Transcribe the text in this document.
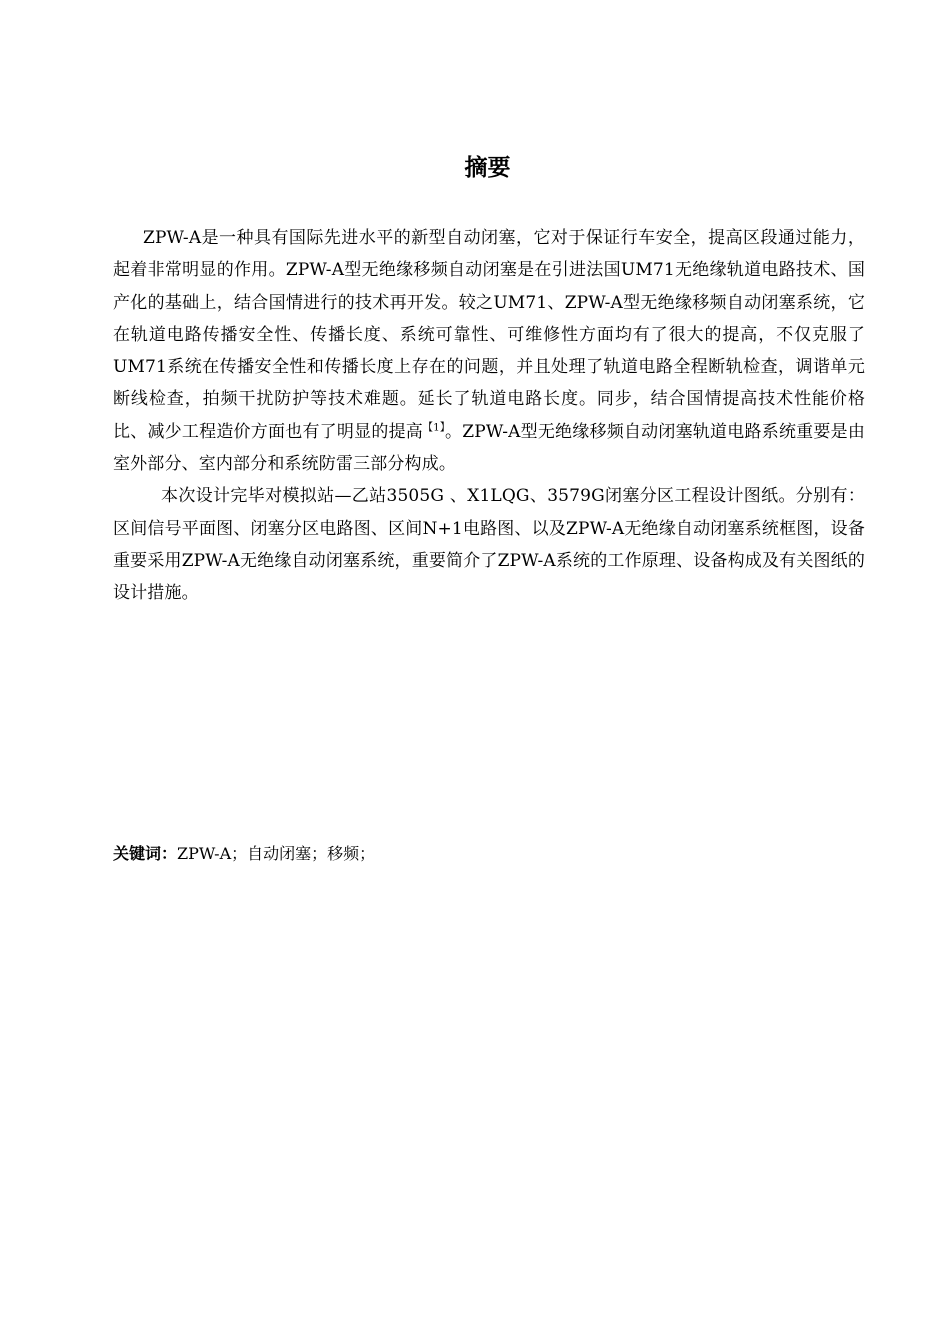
摘要

ZPW-A是一种具有国际先进水平的新型自动闭塞，它对于保证行车安全，提高区段通过能力，起着非常明显的作用。ZPW-A型无绝缘移频自动闭塞是在引进法国UM71无绝缘轨道电路技术、国产化的基础上，结合国情进行的技术再开发。较之UM71、ZPW-A型无绝缘移频自动闭塞系统，它在轨道电路传播安全性、传播长度、系统可靠性、可维修性方面均有了很大的提高，不仅克服了UM71系统在传播安全性和传播长度上存在的问题，并且处理了轨道电路全程断轨检查，调谐单元断线检查，拍频干扰防护等技术难题。延长了轨道电路长度。同步，结合国情提高技术性能价格比、减少工程造价方面也有了明显的提高$^{【1】}$。ZPW-A型无绝缘移频自动闭塞轨道电路系统重要是由室外部分、室内部分和系统防雷三部分构成。

本次设计完毕对模拟站—乙站3505G 、X1LQG、3579G闭塞分区工程设计图纸。分别有：区间信号平面图、闭塞分区电路图、区间N+1电路图、以及ZPW-A无绝缘自动闭塞系统框图，设备重要采用ZPW-A无绝缘自动闭塞系统，重要简介了ZPW-A系统的工作原理、设备构成及有关图纸的设计措施。

关键词：ZPW-A；自动闭塞；移频；
